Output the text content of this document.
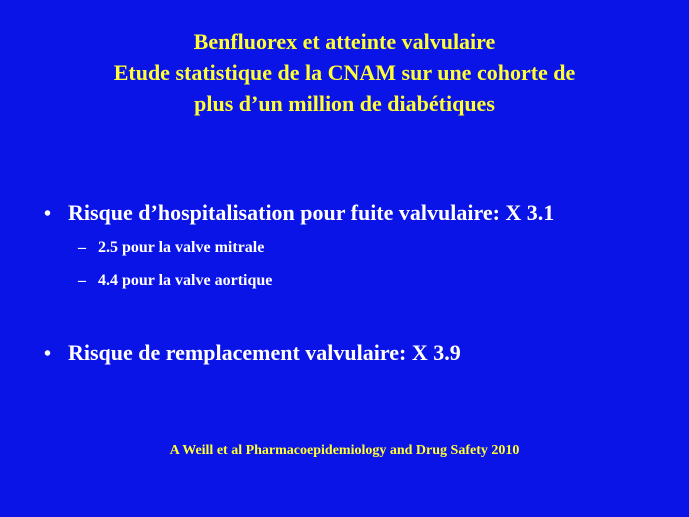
Benfluorex et atteinte valvulaire
Etude statistique de la CNAM sur une cohorte de
plus d’un million de diabétiques
• Risque d’hospitalisation pour fuite valvulaire: X 3.1
– 2.5 pour la valve mitrale
– 4.4 pour la valve aortique
• Risque de remplacement valvulaire: X 3.9
A Weill et al Pharmacoepidemiology and Drug Safety 2010
